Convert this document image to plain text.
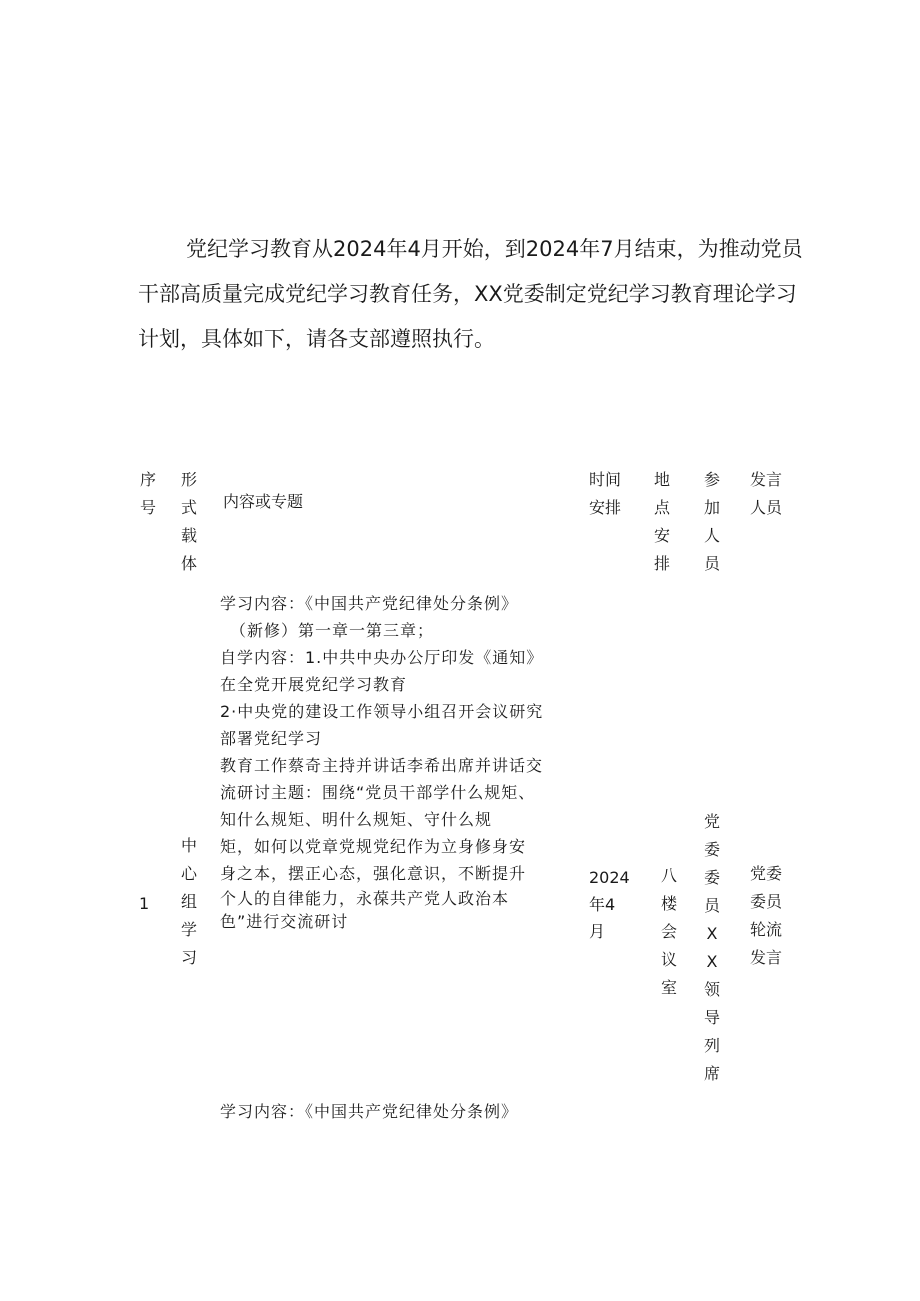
党纪学习教育从2024年4月开始，到2024年7月结束，为推动党员
干部高质量完成党纪学习教育任务，XX党委制定党纪学习教育理论学习
计划，具体如下，请各支部遵照执行。
序
号
形
式
载
体
内容或专题
时间
安排
地
点
安
排
参
加
人
员
发言
人员
1
中
心
组
学
习
学习内容：《中国共产党纪律处分条例》
（新修）第一章一第三章；
自学内容：1.中共中央办公厅印发《通知》
在全党开展党纪学习教育
2·中央党的建设工作领导小组召开会议研究
部署党纪学习
教育工作蔡奇主持并讲话李希出席并讲话交
流研讨主题：围绕“党员干部学什么规矩、
知什么规矩、明什么规矩、守什么规
矩，如何以党章党规党纪作为立身修身安
身之本，摆正心态，强化意识，不断提升
个人的自律能力，永葆共产党人政治本
色”进行交流研讨
2024
年4
月
八
楼
会
议
室
党
委
委
员
X
X
领
导
列
席
党委
委员
轮流
发言
学习内容：《中国共产党纪律处分条例》
